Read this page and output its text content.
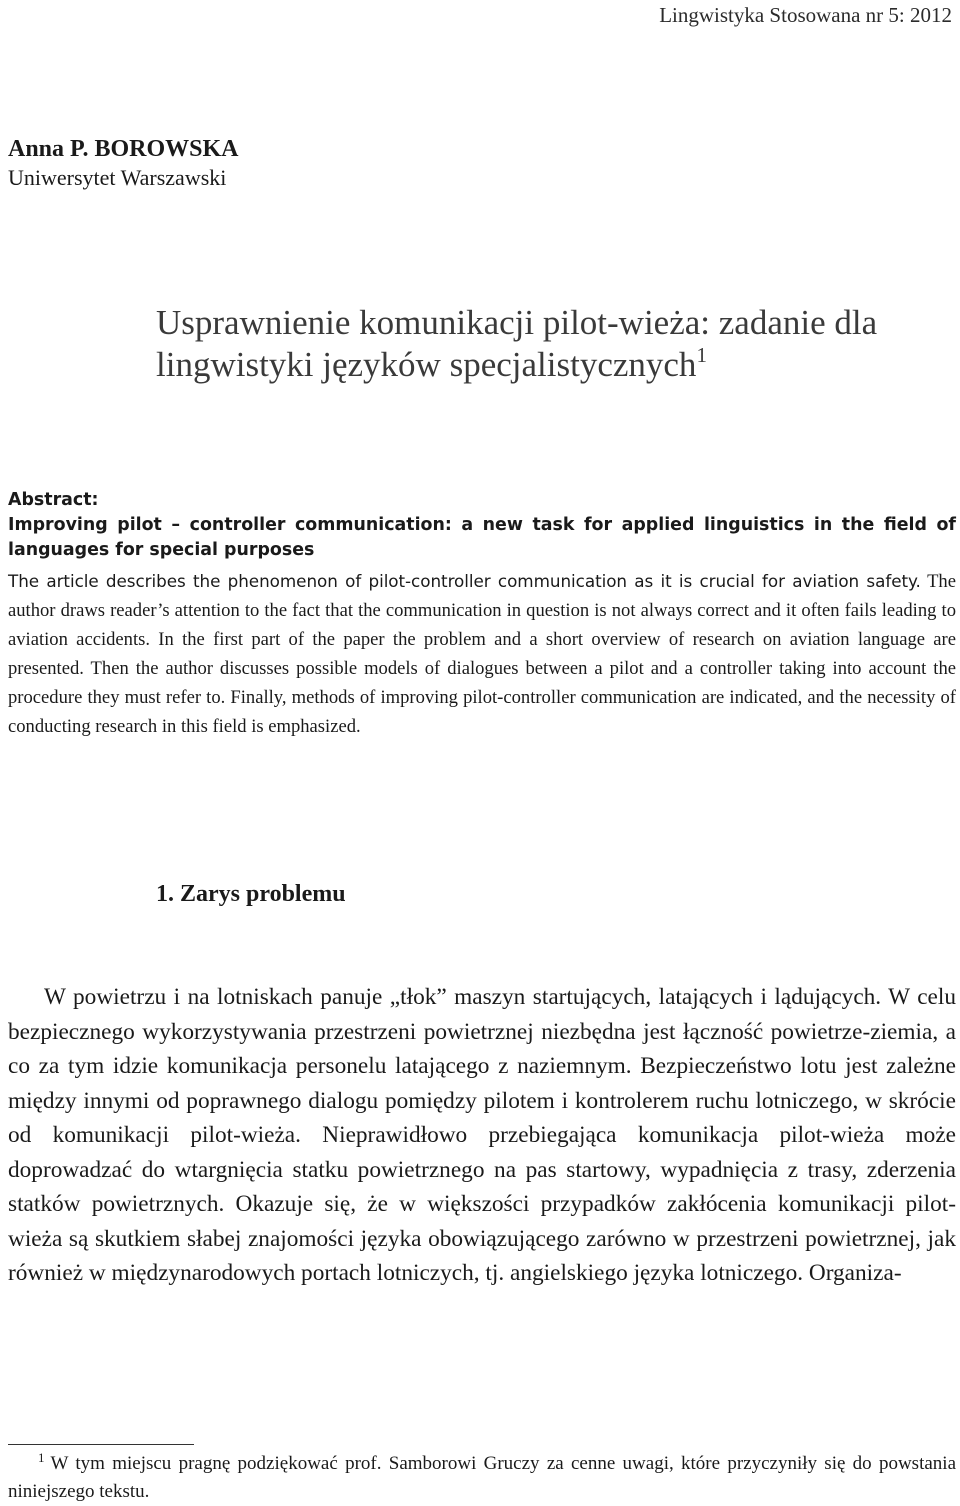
Lingwistyka Stosowana nr 5: 2012
Anna P. BOROWSKA
Uniwersytet Warszawski
Usprawnienie komunikacji pilot-wieża: zadanie dla
lingwistyki języków specjalistycznych$^1$
Abstract:
Improving pilot – controller communication: a new task for applied linguistics in the field of languages for special purposes
The article describes the phenomenon of pilot-controller communication as it is crucial for aviation safety. The author draws reader’s attention to the fact that the communication in question is not always correct and it often fails leading to aviation accidents. In the first part of the paper the problem and a short overview of research on aviation language are presented. Then the author discusses possible models of dialogues between a pilot and a controller taking into account the procedure they must refer to. Finally, methods of improving pilot-controller communication are indicated, and the necessity of conducting research in this field is emphasized.
1. Zarys problemu

W powietrzu i na lotniskach panuje „tłok” maszyn startujących, latających i lądujących. W celu bezpiecznego wykorzystywania przestrzeni powietrznej niezbędna jest łączność powietrze-ziemia, a co za tym idzie komunikacja personelu latającego z naziemnym. Bezpieczeństwo lotu jest zależne między innymi od poprawnego dialogu pomiędzy pilotem i kontrolerem ruchu lotniczego, w skrócie od komunikacji pilot-wieża. Nieprawidłowo przebiegająca komunikacja pilot-wieża może doprowadzać do wtargnięcia statku powietrznego na pas startowy, wypadnięcia z trasy, zderzenia statków powietrznych. Okazuje się, że w większości przypadków zakłócenia komunikacji pilot-wieża są skutkiem słabej znajomości języka obowiązującego zarówno w przestrzeni powietrznej, jak również w międzynarodowych portach lotniczych, tj. angielskiego języka lotniczego. Organiza-

$^1$ W tym miejscu pragnę podziękować prof. Samborowi Gruczy za cenne uwagi, które przyczyniły się do powstania niniejszego tekstu.
